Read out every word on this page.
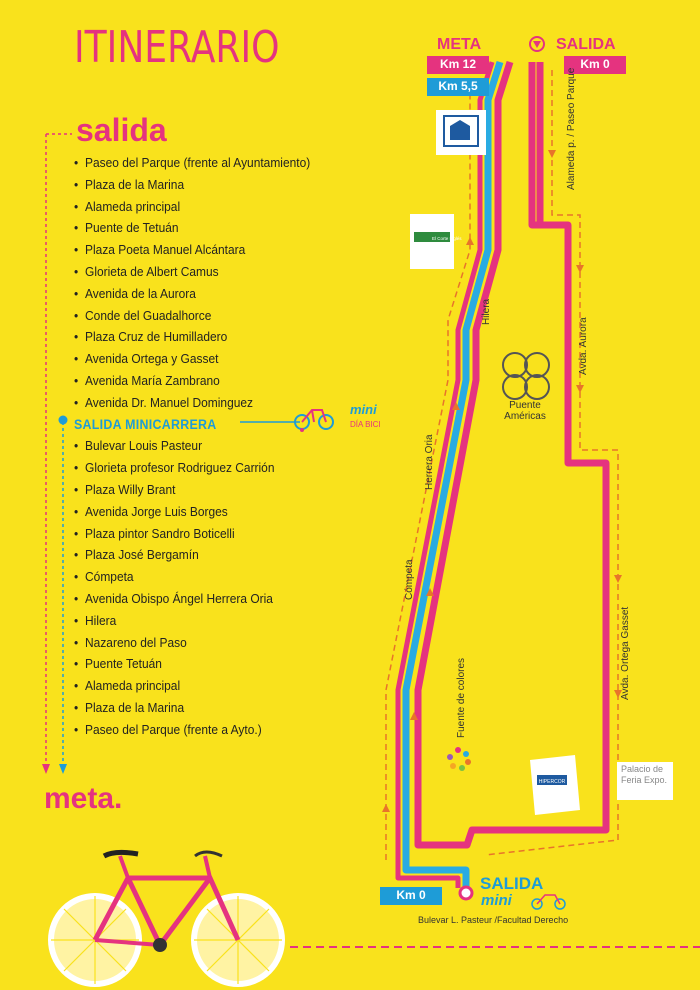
ITINERARIO
salida
meta.
• Paseo del Parque (frente al Ayuntamiento)
• Plaza de la Marina
• Alameda principal
• Puente de Tetuán
• Plaza Poeta Manuel Alcántara
• Glorieta de Albert Camus
• Avenida de la Aurora
• Conde del Guadalhorce
• Plaza Cruz de Humilladero
• Avenida Ortega y Gasset
• Avenida María Zambrano
• Avenida Dr. Manuel Dominguez
SALIDA MINICARRERA
• Bulevar Louis Pasteur
• Glorieta profesor Rodriguez Carrión
• Plaza Willy Brant
• Avenida Jorge Luis Borges
• Plaza pintor Sandro Boticelli
• Plaza José Bergamín
• Cómpeta
• Avenida Obispo Ángel Herrera Oria
• Hilera
• Nazareno del Paso
• Puente Tetuán
• Alameda principal
• Plaza de la Marina
• Paseo del Parque (frente a Ayto.)
mini
DÍA BICI
HIPERCOR
El Corte Inglés
META	SALIDA
Km 12
Km 5,5
Km 0
Km 0
SALIDA
mini
Bulevar L. Pasteur /Facultad Derecho
Puente Américas
Palacio de Feria Expo.
Alameda p. / Paseo Parque
Avda. Aurora
Avda. Ortega Gasset
Hilera
Herrera Oria
Cómpeta
Fuente de colores
